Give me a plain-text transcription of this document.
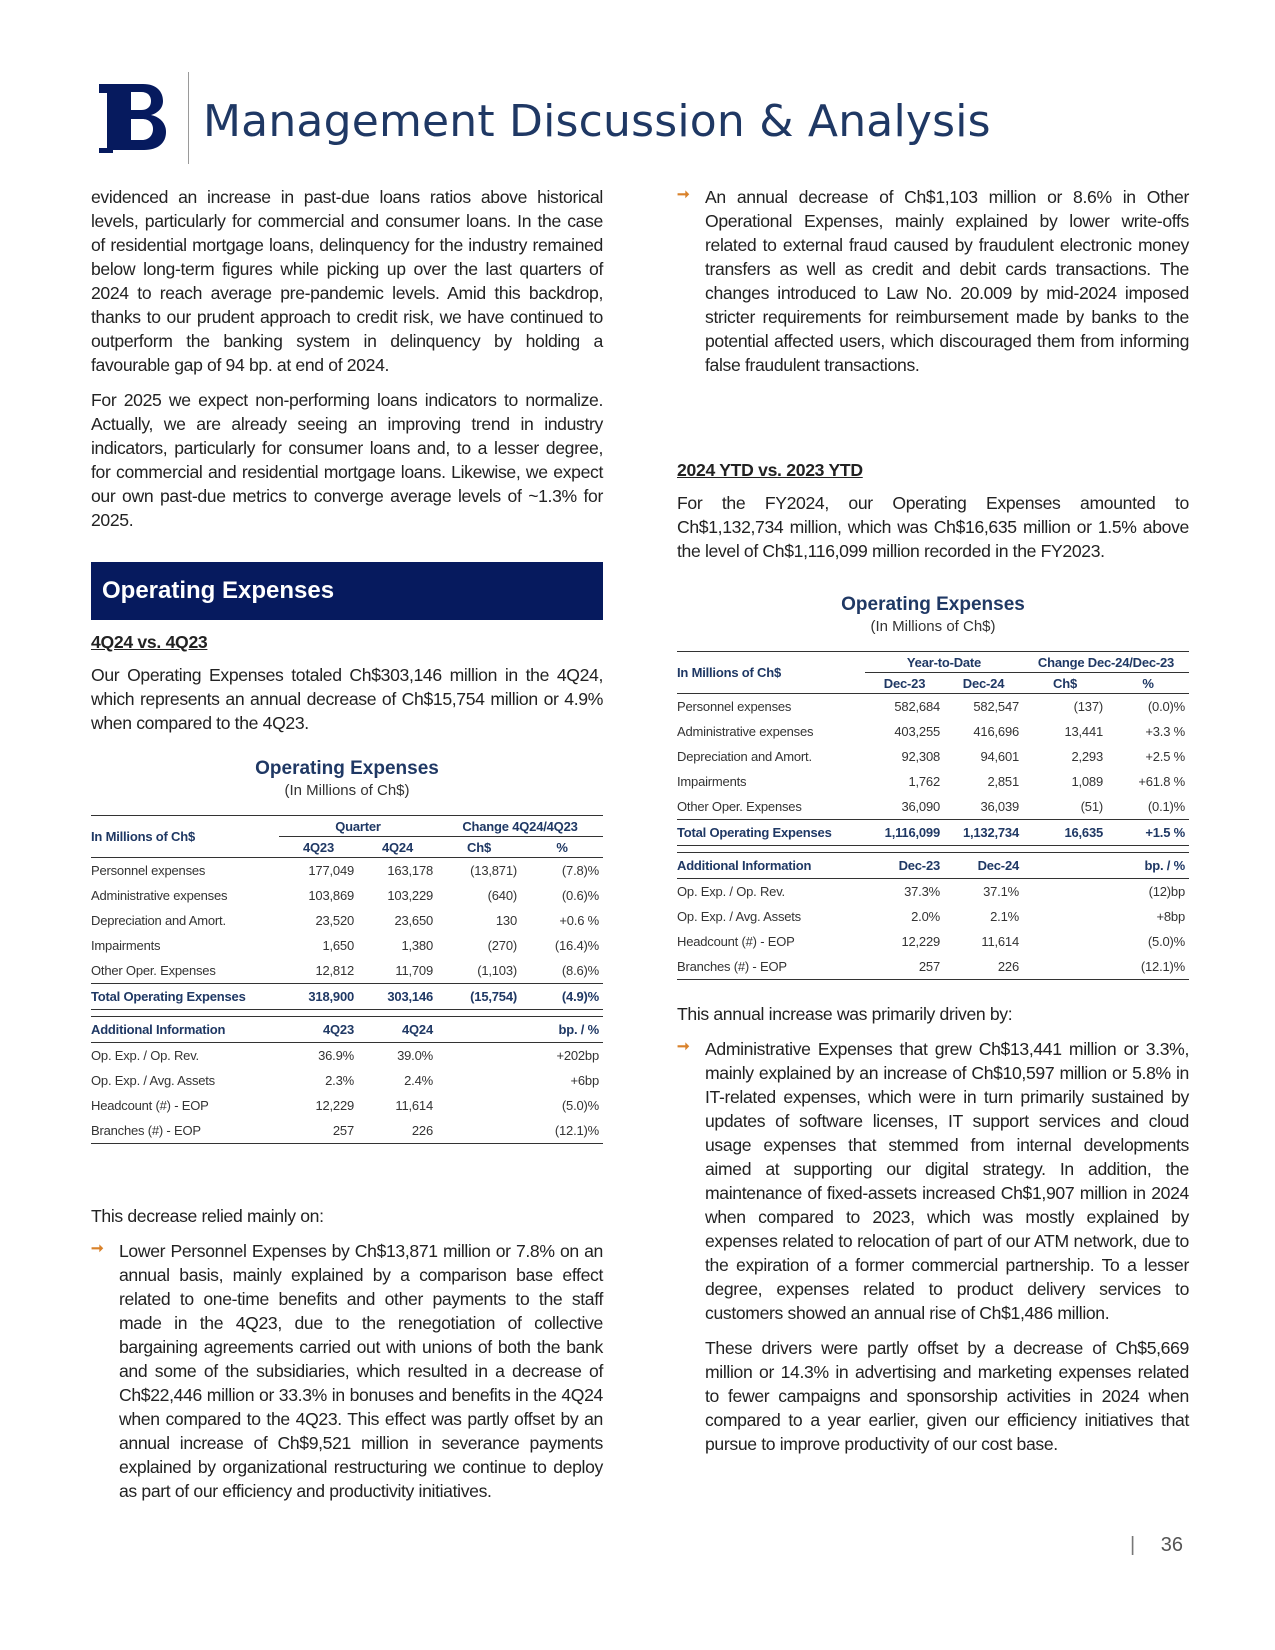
Management Discussion & Analysis

evidenced an increase in past-due loans ratios above historical levels, particularly for commercial and consumer loans. In the case of residential mortgage loans, delinquency for the industry remained below long-term figures while picking up over the last quarters of 2024 to reach average pre-pandemic levels. Amid this backdrop, thanks to our prudent approach to credit risk, we have continued to outperform the banking system in delinquency by holding a favourable gap of 94 bp. at end of 2024.

For 2025 we expect non-performing loans indicators to normalize. Actually, we are already seeing an improving trend in industry indicators, particularly for consumer loans and, to a lesser degree, for commercial and residential mortgage loans. Likewise, we expect our own past-due metrics to converge average levels of ~1.3% for 2025.

Operating Expenses
4Q24 vs. 4Q23

Our Operating Expenses totaled Ch$303,146 million in the 4Q24, which represents an annual decrease of Ch$15,754 million or 4.9% when compared to the 4Q23.

Operating Expenses
(In Millions of Ch$)
In Millions of Ch$	Quarter		Change 4Q24/4Q23	
	4Q23	4Q24	Ch$	%
Personnel expenses	177,049	163,178	(13,871)	(7.8)%
Administrative expenses	103,869	103,229	(640)	(0.6)%
Depreciation and Amort.	23,520	23,650	130	+0.6 %
Impairments	1,650	1,380	(270)	(16.4)%
Other Oper. Expenses	12,812	11,709	(1,103)	(8.6)%
Total Operating Expenses	318,900	303,146	(15,754)	(4.9)%

Additional Information	4Q23	4Q24		bp. / %
Op. Exp. / Op. Rev.	36.9%	39.0%		+202bp
Op. Exp. / Avg. Assets	2.3%	2.4%		+6bp
Headcount (#) - EOP	12,229	11,614		(5.0)%
Branches (#) - EOP	257	226		(12.1)%

This decrease relied mainly on:

➞ Lower Personnel Expenses by Ch$13,871 million or 7.8% on an annual basis, mainly explained by a comparison base effect related to one-time benefits and other payments to the staff made in the 4Q23, due to the renegotiation of collective bargaining agreements carried out with unions of both the bank and some of the subsidiaries, which resulted in a decrease of Ch$22,446 million or 33.3% in bonuses and benefits in the 4Q24 when compared to the 4Q23. This effect was partly offset by an annual increase of Ch$9,521 million in severance payments explained by organizational restructuring we continue to deploy as part of our efficiency and productivity initiatives.

➞ An annual decrease of Ch$1,103 million or 8.6% in Other Operational Expenses, mainly explained by lower write-offs related to external fraud caused by fraudulent electronic money transfers as well as credit and debit cards transactions. The changes introduced to Law No. 20.009 by mid-2024 imposed stricter requirements for reimbursement made by banks to the potential affected users, which discouraged them from informing false fraudulent transactions.

2024 YTD vs. 2023 YTD

For the FY2024, our Operating Expenses amounted to Ch$1,132,734 million, which was Ch$16,635 million or 1.5% above the level of Ch$1,116,099 million recorded in the FY2023.

Operating Expenses
(In Millions of Ch$)
In Millions of Ch$	Year-to-Date		Change Dec-24/Dec-23	
	Dec-23	Dec-24	Ch$	%
Personnel expenses	582,684	582,547	(137)	(0.0)%
Administrative expenses	403,255	416,696	13,441	+3.3 %
Depreciation and Amort.	92,308	94,601	2,293	+2.5 %
Impairments	1,762	2,851	1,089	+61.8 %
Other Oper. Expenses	36,090	36,039	(51)	(0.1)%
Total Operating Expenses	1,116,099	1,132,734	16,635	+1.5 %

Additional Information	Dec-23	Dec-24		bp. / %
Op. Exp. / Op. Rev.	37.3%	37.1%		(12)bp
Op. Exp. / Avg. Assets	2.0%	2.1%		+8bp
Headcount (#) - EOP	12,229	11,614		(5.0)%
Branches (#) - EOP	257	226		(12.1)%

This annual increase was primarily driven by:

➞ Administrative Expenses that grew Ch$13,441 million or 3.3%, mainly explained by an increase of Ch$10,597 million or 5.8% in IT-related expenses, which were in turn primarily sustained by updates of software licenses, IT support services and cloud usage expenses that stemmed from internal developments aimed at supporting our digital strategy. In addition, the maintenance of fixed-assets increased Ch$1,907 million in 2024 when compared to 2023, which was mostly explained by expenses related to relocation of part of our ATM network, due to the expiration of a former commercial partnership. To a lesser degree, expenses related to product delivery services to customers showed an annual rise of Ch$1,486 million.

These drivers were partly offset by a decrease of Ch$5,669 million or 14.3% in advertising and marketing expenses related to fewer campaigns and sponsorship activities in 2024 when compared to a year earlier, given our efficiency initiatives that pursue to improve productivity of our cost base.

| 36
